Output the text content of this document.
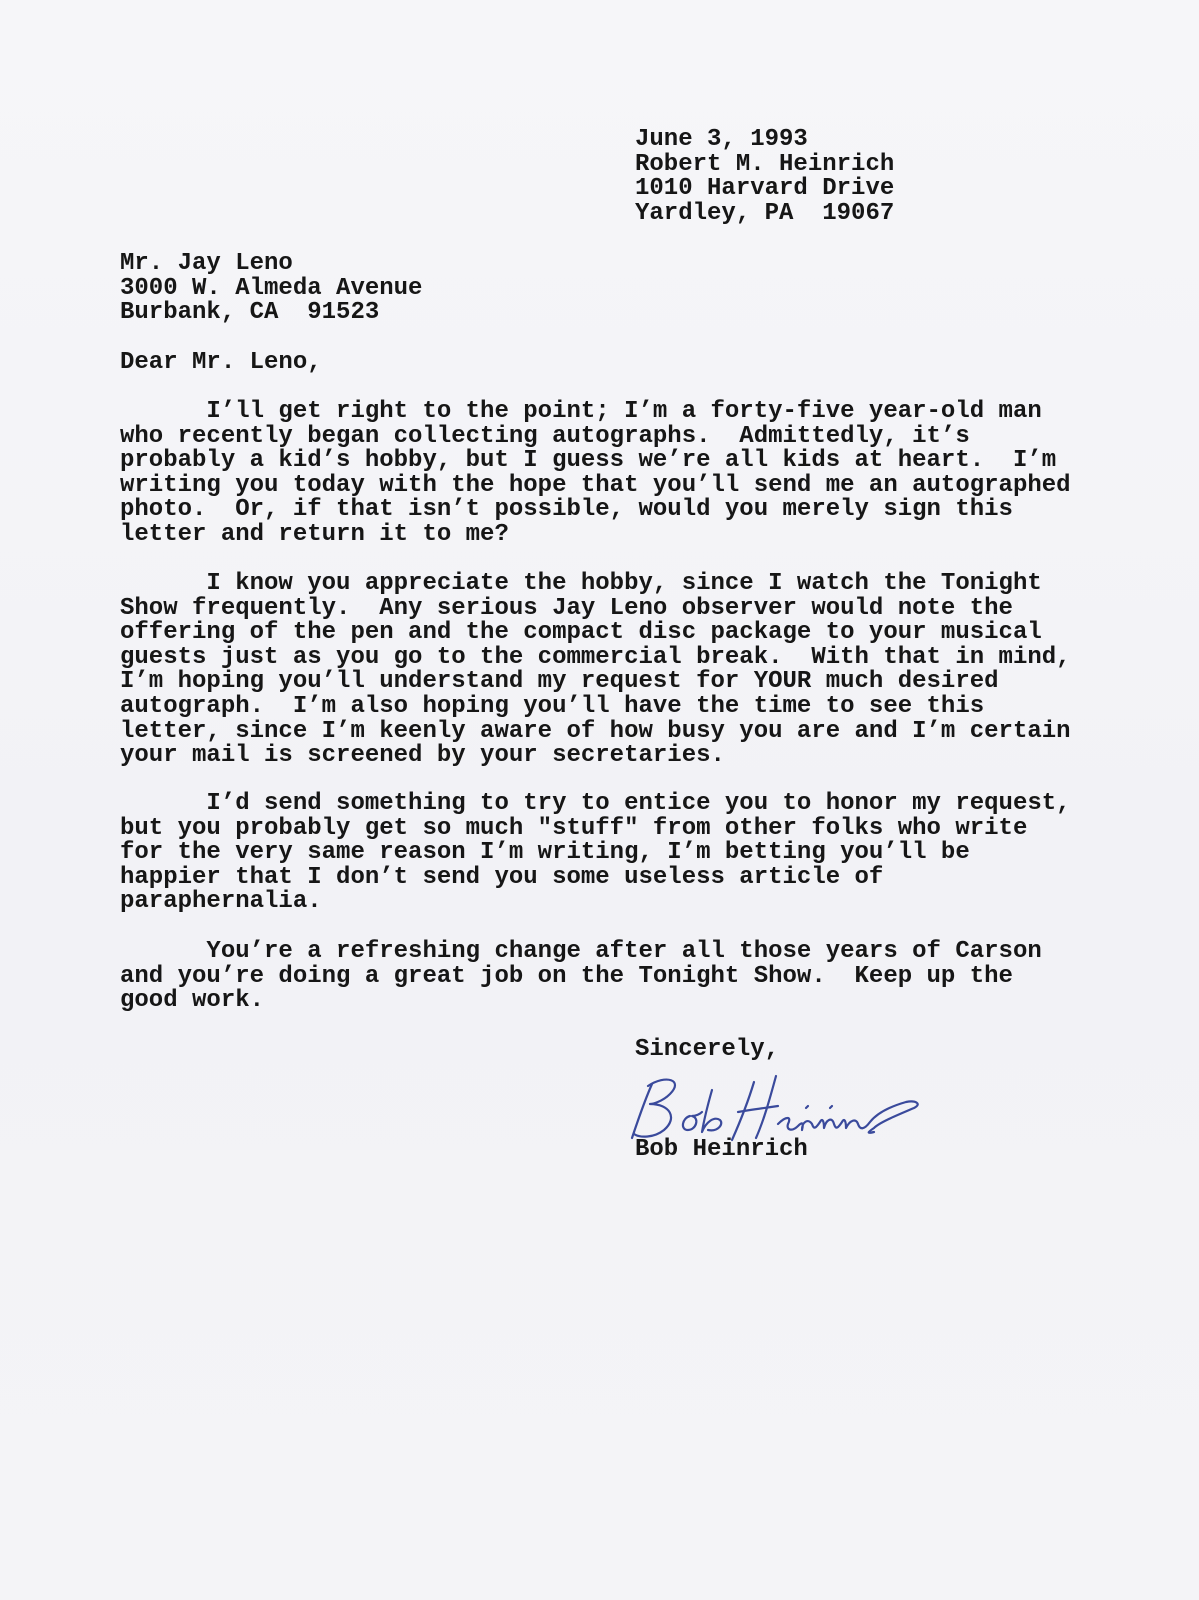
June 3, 1993
Robert M. Heinrich
1010 Harvard Drive
Yardley, PA  19067
Mr. Jay Leno
3000 W. Almeda Avenue
Burbank, CA  91523
Dear Mr. Leno,
I’ll get right to the point; I’m a forty-five year-old man
who recently began collecting autographs.  Admittedly, it’s
probably a kid’s hobby, but I guess we’re all kids at heart.  I’m
writing you today with the hope that you’ll send me an autographed
photo.  Or, if that isn’t possible, would you merely sign this
letter and return it to me?
I know you appreciate the hobby, since I watch the Tonight
Show frequently.  Any serious Jay Leno observer would note the
offering of the pen and the compact disc package to your musical
guests just as you go to the commercial break.  With that in mind,
I’m hoping you’ll understand my request for YOUR much desired
autograph.  I’m also hoping you’ll have the time to see this
letter, since I’m keenly aware of how busy you are and I’m certain
your mail is screened by your secretaries.
I’d send something to try to entice you to honor my request,
but you probably get so much "stuff" from other folks who write
for the very same reason I’m writing, I’m betting you’ll be
happier that I don’t send you some useless article of
paraphernalia.
You’re a refreshing change after all those years of Carson
and you’re doing a great job on the Tonight Show.  Keep up the
good work.
Sincerely,
Bob Heinrich
